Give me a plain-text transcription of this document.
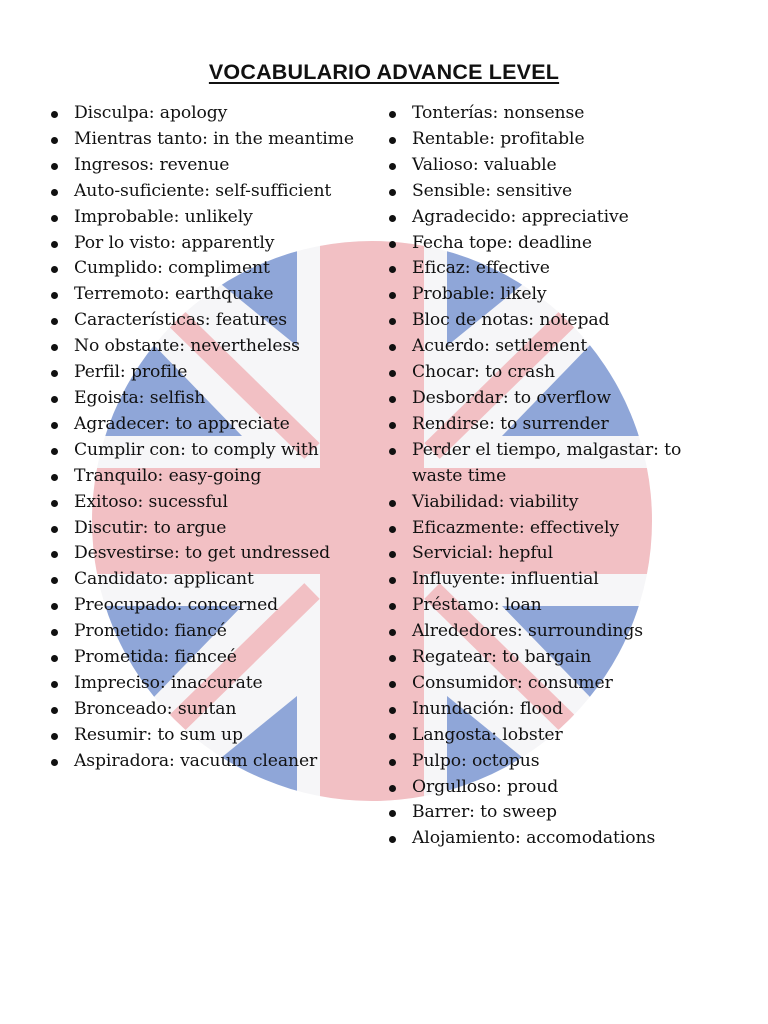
VOCABULARIO ADVANCE LEVEL
Disculpa: apology
Mientras tanto: in the meantime
Ingresos: revenue
Auto-suficiente: self-sufficient
Improbable: unlikely
Por lo visto: apparently
Cumplido: compliment
Terremoto: earthquake
Características: features
No obstante: nevertheless
Perfil: profile
Egoista: selfish
Agradecer: to appreciate
Cumplir con: to comply with
Tranquilo: easy-going
Exitoso: sucessful
Discutir: to argue
Desvestirse: to get undressed
Candidato: applicant
Preocupado: concerned
Prometido: fiancé
Prometida: fianceé
Impreciso: inaccurate
Bronceado: suntan
Resumir: to sum up
Aspiradora: vacuum cleaner
Tonterías: nonsense
Rentable: profitable
Valioso: valuable
Sensible: sensitive
Agradecido: appreciative
Fecha tope: deadline
Eficaz: effective
Probable: likely
Bloc de notas: notepad
Acuerdo: settlement
Chocar: to crash
Desbordar: to overflow
Rendirse: to surrender
Perder el tiempo, malgastar: to waste time
Viabilidad: viability
Eficazmente: effectively
Servicial: hepful
Influyente: influential
Préstamo: loan
Alrededores: surroundings
Regatear: to bargain
Consumidor: consumer
Inundación: flood
Langosta: lobster
Pulpo: octopus
Orgulloso: proud
Barrer: to sweep
Alojamiento: accomodations
